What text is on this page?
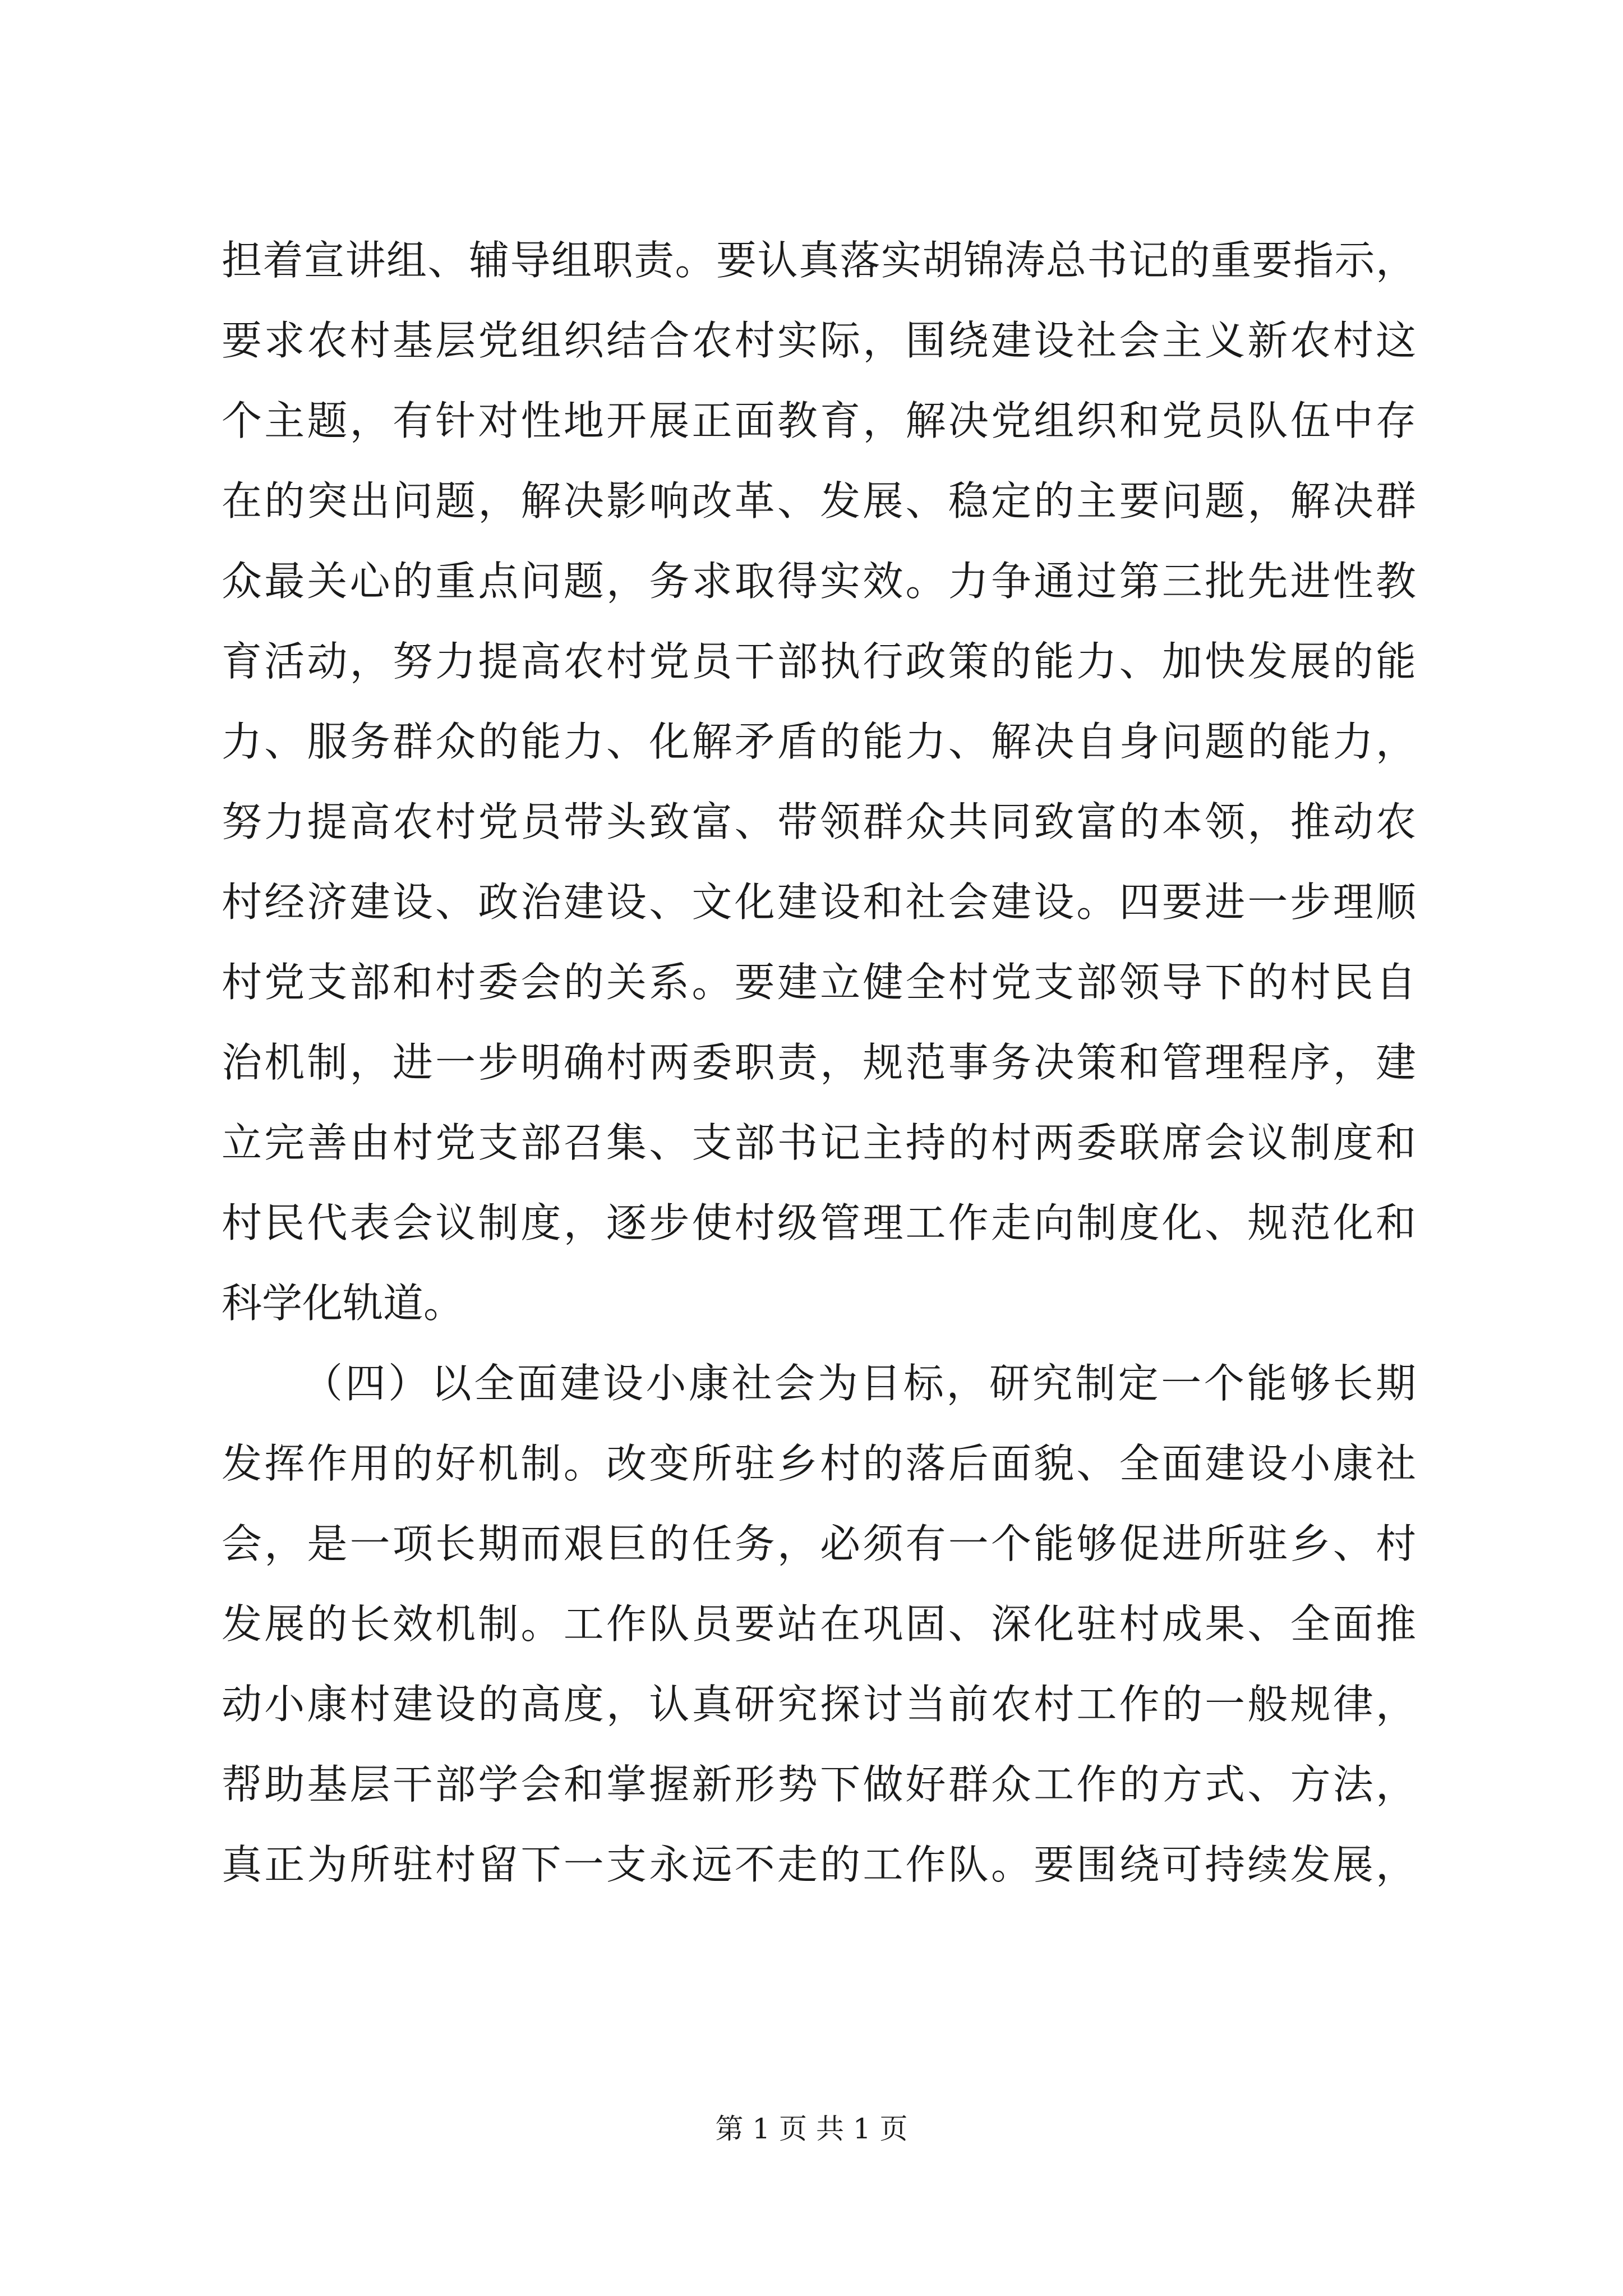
担着宣讲组、辅导组职责。要认真落实胡锦涛总书记的重要指示，
要求农村基层党组织结合农村实际，围绕建设社会主义新农村这
个主题，有针对性地开展正面教育，解决党组织和党员队伍中存
在的突出问题，解决影响改革、发展、稳定的主要问题，解决群
众最关心的重点问题，务求取得实效。力争通过第三批先进性教
育活动，努力提高农村党员干部执行政策的能力、加快发展的能
力、服务群众的能力、化解矛盾的能力、解决自身问题的能力，
努力提高农村党员带头致富、带领群众共同致富的本领，推动农
村经济建设、政治建设、文化建设和社会建设。四要进一步理顺
村党支部和村委会的关系。要建立健全村党支部领导下的村民自
治机制，进一步明确村两委职责，规范事务决策和管理程序，建
立完善由村党支部召集、支部书记主持的村两委联席会议制度和
村民代表会议制度，逐步使村级管理工作走向制度化、规范化和
科学化轨道。
（四）以全面建设小康社会为目标，研究制定一个能够长期
发挥作用的好机制。改变所驻乡村的落后面貌、全面建设小康社
会，是一项长期而艰巨的任务，必须有一个能够促进所驻乡、村
发展的长效机制。工作队员要站在巩固、深化驻村成果、全面推
动小康村建设的高度，认真研究探讨当前农村工作的一般规律，
帮助基层干部学会和掌握新形势下做好群众工作的方式、方法，
真正为所驻村留下一支永远不走的工作队。要围绕可持续发展，
第 1 页 共 1 页
